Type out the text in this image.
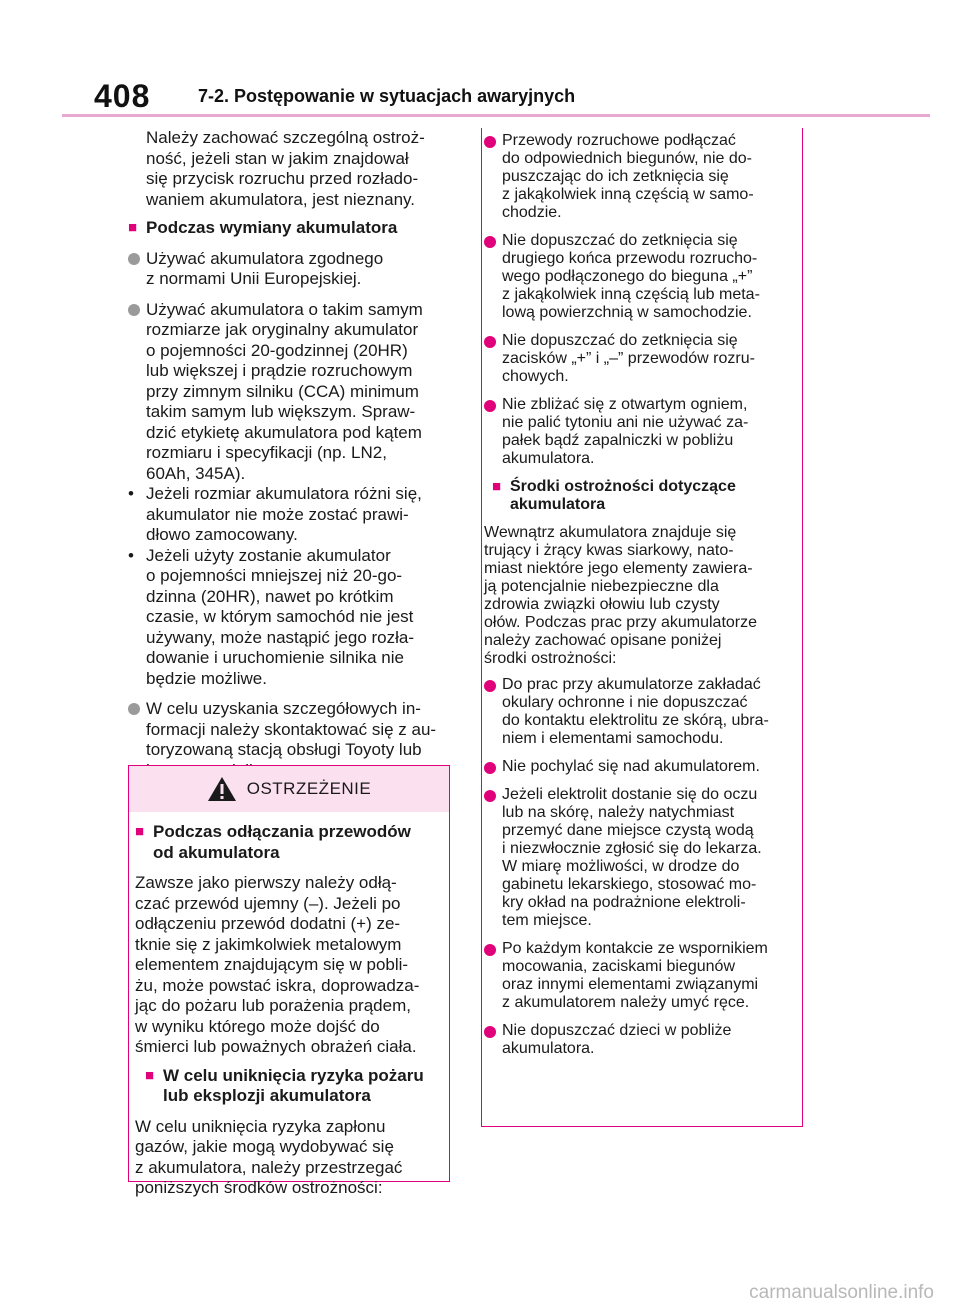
408	7-2. Postępowanie w sytuacjach awaryjnych
Należy zachować szczególną ostroż-
ność, jeżeli stan w jakim znajdował
się przycisk rozruchu przed rozłado-
waniem akumulatora, jest nieznany.
■ Podczas wymiany akumulatora
Używać akumulatora zgodnego
z normami Unii Europejskiej.
Używać akumulatora o takim samym
rozmiarze jak oryginalny akumulator
o pojemności 20-godzinnej (20HR)
lub większej i prądzie rozruchowym
przy zimnym silniku (CCA) minimum
takim samym lub większym. Spraw-
dzić etykietę akumulatora pod kątem
rozmiaru i specyfikacji (np. LN2,
60Ah, 345A).
• Jeżeli rozmiar akumulatora różni się,
akumulator nie może zostać prawi-
dłowo zamocowany.
• Jeżeli użyty zostanie akumulator
o pojemności mniejszej niż 20-go-
dzinna (20HR), nawet po krótkim
czasie, w którym samochód nie jest
używany, może nastąpić jego rozła-
dowanie i uruchomienie silnika nie
będzie możliwe.
W celu uzyskania szczegółowych in-
formacji należy skontaktować się z au-
toryzowaną stacją obsługi Toyoty lub
OSTRZEŻENIE
■ Podczas odłączania przewodów
od akumulatora
Zawsze jako pierwszy należy odłą-
czać przewód ujemny (–). Jeżeli po
odłączeniu przewód dodatni (+) ze-
tknie się z jakimkolwiek metalowym
elementem znajdującym się w pobli-
żu, może powstać iskra, doprowadza-
jąc do pożaru lub porażenia prądem,
w wyniku którego może dojść do
śmierci lub poważnych obrażeń ciała.
■ W celu uniknięcia ryzyka pożaru
lub eksplozji akumulatora
W celu uniknięcia ryzyka zapłonu
gazów, jakie mogą wydobywać się
z akumulatora, należy przestrzegać
poniższych środków ostrożności:
Przewody rozruchowe podłączać
do odpowiednich biegunów, nie do-
puszczając do ich zetknięcia się
z jakąkolwiek inną częścią w samo-
chodzie.
Nie dopuszczać do zetknięcia się
drugiego końca przewodu rozrucho-
wego podłączonego do bieguna „+”
z jakąkolwiek inną częścią lub meta-
lową powierzchnią w samochodzie.
Nie dopuszczać do zetknięcia się
zacisków „+” i „–” przewodów rozru-
chowych.
Nie zbliżać się z otwartym ogniem,
nie palić tytoniu ani nie używać za-
pałek bądź zapalniczki w pobliżu
akumulatora.
■ Środki ostrożności dotyczące
akumulatora
Wewnątrz akumulatora znajduje się
trujący i żrący kwas siarkowy, nato-
miast niektóre jego elementy zawiera-
ją potencjalnie niebezpieczne dla
zdrowia związki ołowiu lub czysty
ołów. Podczas prac przy akumulatorze
należy zachować opisane poniżej
środki ostrożności:
Do prac przy akumulatorze zakładać
okulary ochronne i nie dopuszczać
do kontaktu elektrolitu ze skórą, ubra-
niem i elementami samochodu.
Nie pochylać się nad akumulatorem.
Jeżeli elektrolit dostanie się do oczu
lub na skórę, należy natychmiast
przemyć dane miejsce czystą wodą
i niezwłocznie zgłosić się do lekarza.
W miarę możliwości, w drodze do
gabinetu lekarskiego, stosować mo-
kry okład na podrażnione elektroli-
tem miejsce.
Po każdym kontakcie ze wspornikiem
mocowania, zaciskami biegunów
oraz innymi elementami związanymi
z akumulatorem należy umyć ręce.
Nie dopuszczać dzieci w pobliże
akumulatora.
carmanualsonline.info
